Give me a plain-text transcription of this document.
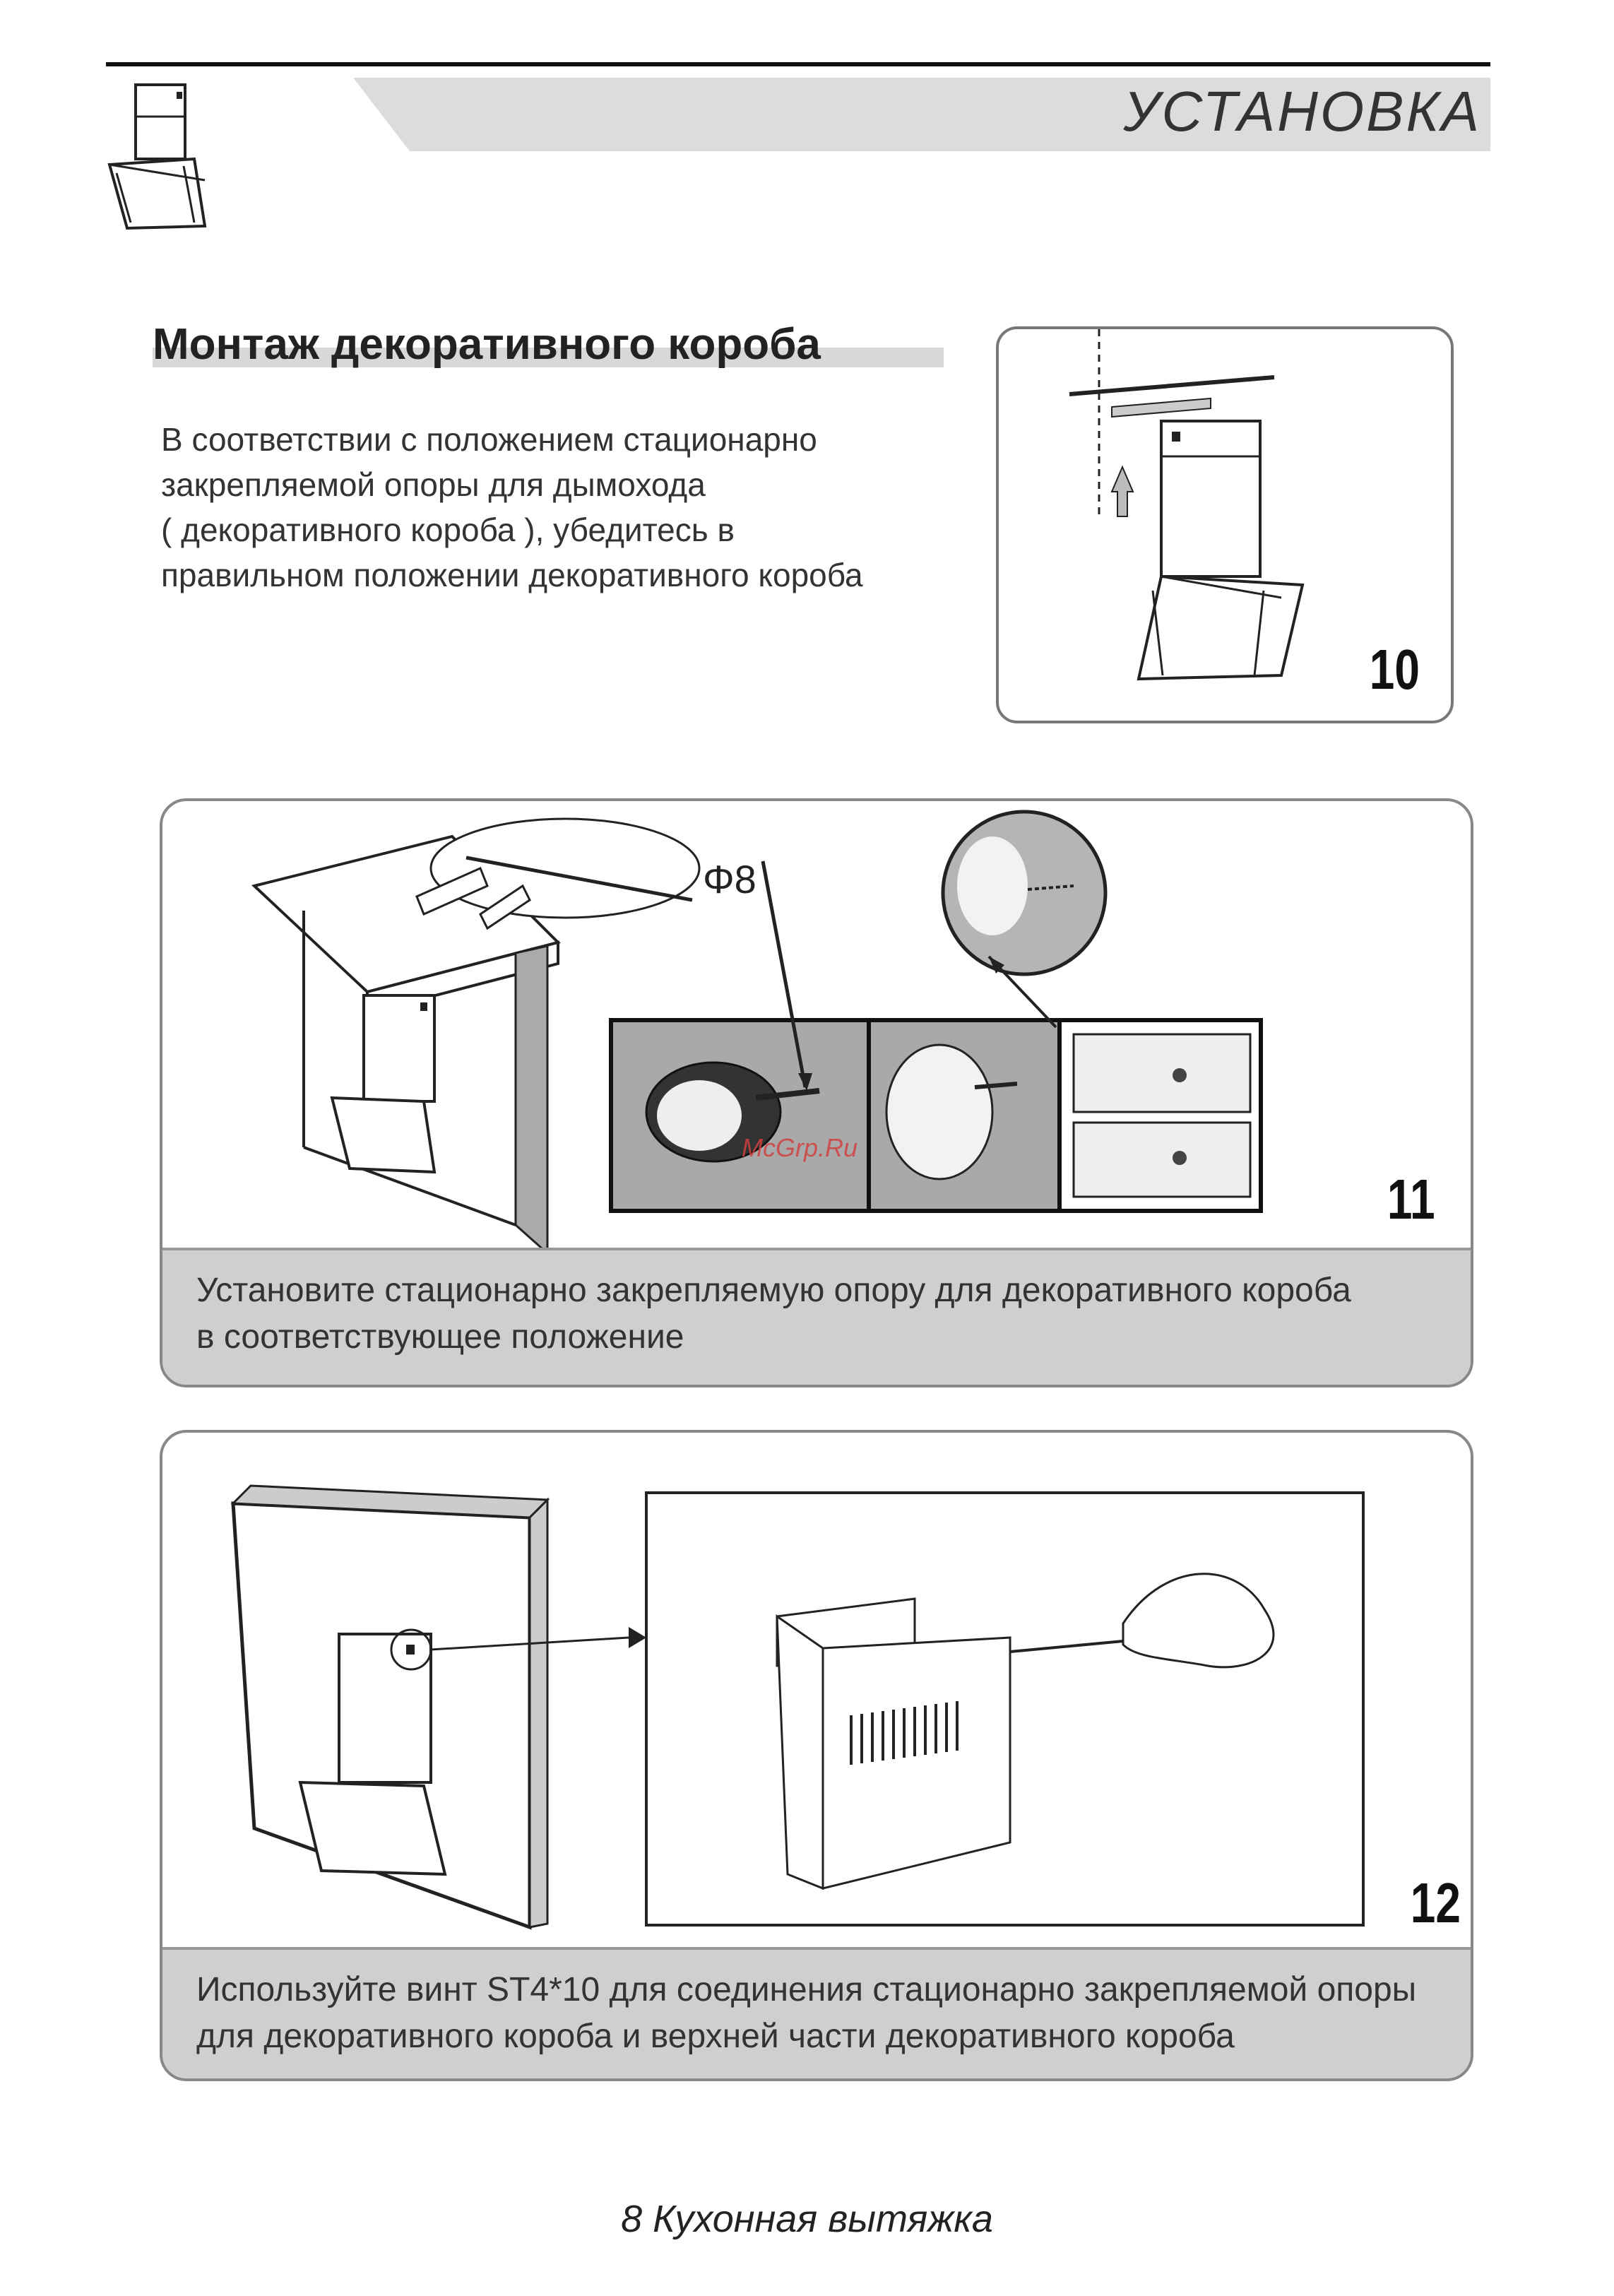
УСТАНОВКА
Монтаж декоративного короба
В соответствии с положением стационарно
закрепляемой опоры для дымохода
( декоративного короба ), убедитесь в
правильном положении декоративного короба
10
Φ8
11
Установите стационарно закрепляемую опору для декоративного короба
в соответствующее положение
McGrp.Ru
12
Используйте винт ST4*10 для соединения стационарно закрепляемой опоры
для декоративного короба и верхней части декоративного короба
8 Кухонная вытяжка
